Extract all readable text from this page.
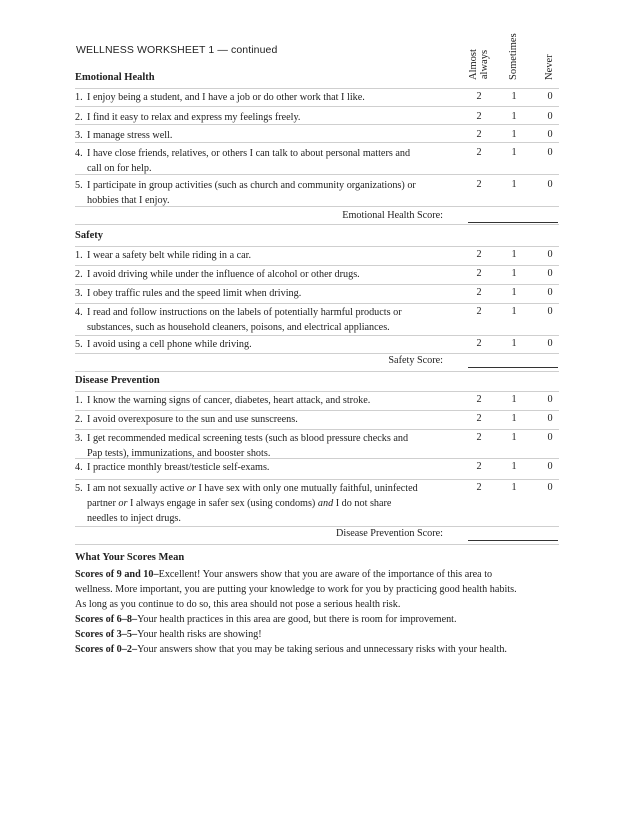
WELLNESS WORKSHEET 1 — continued	Almost always Sometimes Never
Emotional Health
1. I enjoy being a student, and I have a job or do other work that I like.	2	1	0
2. I find it easy to relax and express my feelings freely.	2	1	0
3. I manage stress well.	2	1	0
4. I have close friends, relatives, or others I can talk to about personal matters and
call on for help.
2	1	0
5. I participate in group activities (such as church and community organizations) or
hobbies that I enjoy.
2	1	0
Emotional Health Score:
Safety
1. I wear a safety belt while riding in a car.	2	1	0
2. I avoid driving while under the influence of alcohol or other drugs.	2	1	0
3. I obey traffic rules and the speed limit when driving.	2	1	0
4. I read and follow instructions on the labels of potentially harmful products or
substances, such as household cleaners, poisons, and electrical appliances.
2	1	0
5. I avoid using a cell phone while driving.	2	1	0
Safety Score:
Disease Prevention
1. I know the warning signs of cancer, diabetes, heart attack, and stroke.	2	1	0
2. I avoid overexposure to the sun and use sunscreens.	2	1	0
3. I get recommended medical screening tests (such as blood pressure checks and
Pap tests), immunizations, and booster shots.
2	1	0
4. I practice monthly breast/testicle self-exams.	2	1	0
5. I am not sexually active or I have sex with only one mutually faithful, uninfected
partner or I always engage in safer sex (using condoms) and I do not share
needles to inject drugs.
2	1	0
Disease Prevention Score:
What Your Scores Mean
Scores of 9 and 10–Excellent! Your answers show that you are aware of the importance of this area to
wellness. More important, you are putting your knowledge to work for you by practicing good health habits.
As long as you continue to do so, this area should not pose a serious health risk.
Scores of 6–8–Your health practices in this area are good, but there is room for improvement.
Scores of 3–5–Your health risks are showing!
Scores of 0–2–Your answers show that you may be taking serious and unnecessary risks with your health.
